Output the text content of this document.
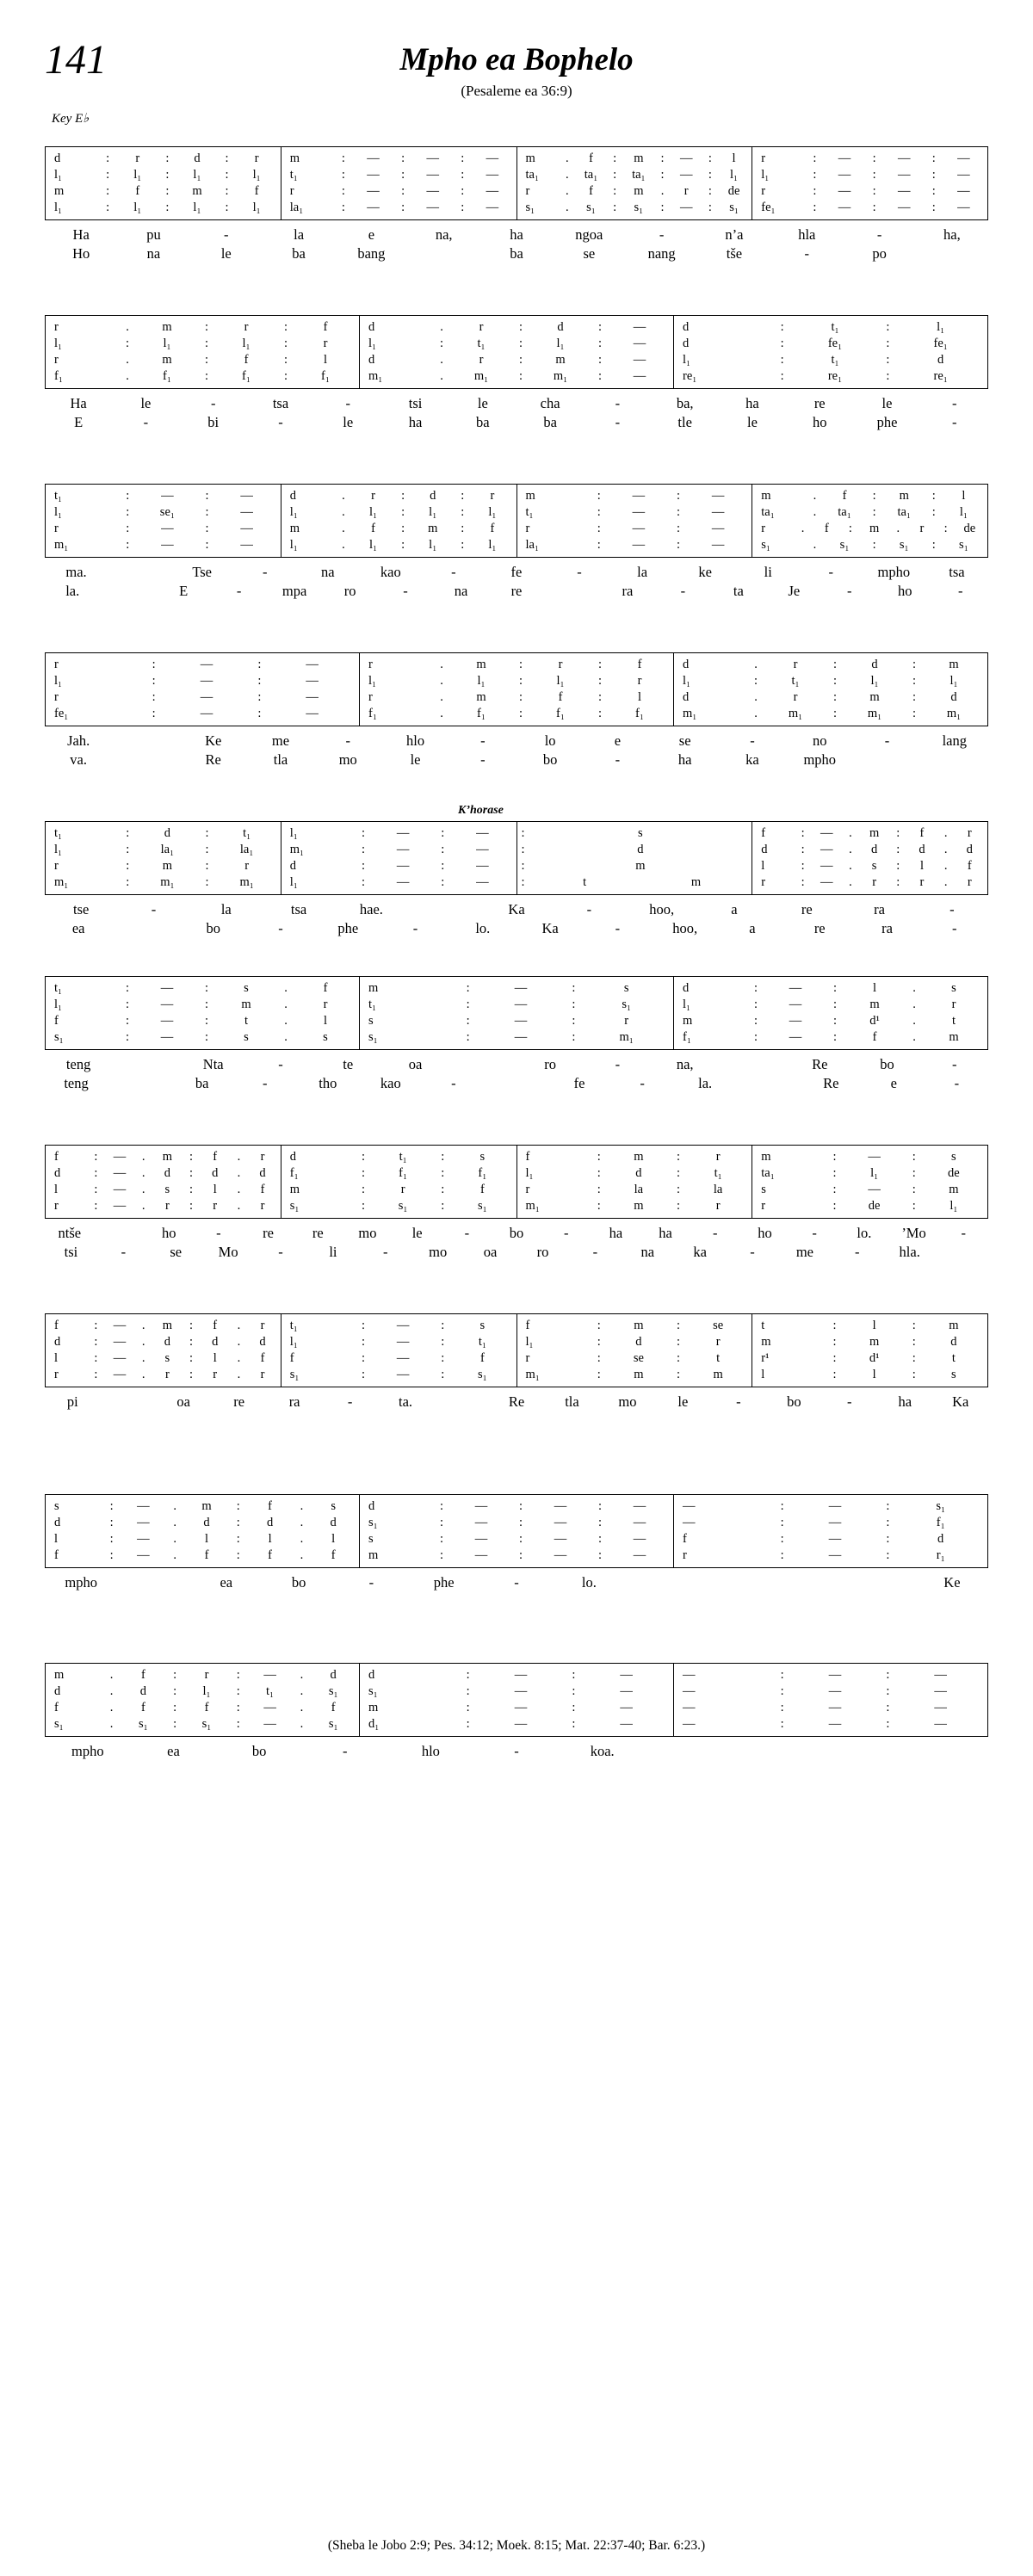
141	Mpho ea Bophelo
(Pesaleme ea 36:9)
Key E♭
d	:	r	:	d	:	r
l₁	:	l₁	:	l₁	:	l₁
m	:	f	:	m	:	f
l₁	:	l₁	:	l₁	:	l₁
m	:	—	:	—	:	—
t₁	:	—	:	—	:	—
r	:	—	:	—	:	—
la₁	:	—	:	—	:	—
m	.	f	:	m	:	—	:	l
ta₁	.	ta₁	:	ta₁	:	—	:	l₁
r	.	f	:	m	.	r	:	de
s₁	.	s₁	:	s₁	:	—	:	s₁
r	:	—	:	—	:	—
l₁	:	—	:	—	:	—
r	:	—	:	—	:	—
fe₁	:	—	:	—	:	—
Ha	pu	-	la	e	na,	ha	ngoa	-	n’a	hla	-	ha,
Ho	na	le	ba	bang	ba	se	nang	tše	-	po
r	.	m	:	r	:	f
l₁	:	l₁	:	l₁	:	r
r	.	m	:	f	:	l
f₁	.	f₁	:	f₁	:	f₁
d	.	r	:	d	:	—
l₁	:	t₁	:	l₁	:	—
d	.	r	:	m	:	—
m₁	.	m₁	:	m₁	:	—
d	:	t₁	:	l₁
d	:	fe₁	:	fe₁
l₁	:	t₁	:	d
re₁	:	re₁	:	re₁
Ha	le	-	tsa	-	tsi	le	cha	-	ba,	ha	re	le	-
E	-	bi	-	le	ha	ba	ba	-	tle	le	ho	phe	-
t₁	:	—	:	—
l₁	:	se₁	:	—
r	:	—	:	—
m₁	:	—	:	—
d	.	r	:	d	:	r
l₁	.	l₁	:	l₁	:	l₁
m	.	f	:	m	:	f
l₁	.	l₁	:	l₁	:	l₁
m	:	—	:	—
t₁	:	—	:	—
r	:	—	:	—
la₁	:	—	:	—
m	.	f	:	m	:	l
ta₁	.	ta₁	:	ta₁	:	l₁
r	.	f	:	m	.	r	:	de
s₁	.	s₁	:	s₁	:	s₁
ma.	Tse	-	na	kao	-	fe	-	la	ke	li	-	mpho	tsa
la.	E	-	mpa	ro	-	na	re	ra	-	ta	Je	-	ho	-
r	:	—	:	—
l₁	:	—	:	—
r	:	—	:	—
fe₁	:	—	:	—
r	.	m	:	r	:	f
l₁	.	l₁	:	l₁	:	r
r	.	m	:	f	:	l
f₁	.	f₁	:	f₁	:	f₁
d	.	r	:	d	:	m
l₁	:	t₁	:	l₁	:	l₁
d	.	r	:	m	:	d
m₁	.	m₁	:	m₁	:	m₁
Jah.	Ke	me	-	hlo	-	lo	e	se	-	no	-	lang
va.	Re	tla	mo	le	-	bo	-	ha	ka	mpho
K’horase
t₁	:	d	:	t₁
l₁	:	la₁	:	la₁
r	:	m	:	r
m₁	:	m₁	:	m₁
l₁	:	—	:	—
m₁	:	—	:	—
d	:	—	:	—
l₁	:	—	:	—
:	s
:	d
:	m
:	t	m
f	:	—	.	m	:	f	.	r
d	:	—	.	d	:	d	.	d
l	:	—	.	s	:	l	.	f
r	:	—	.	r	:	r	.	r
tse	-	la	tsa	hae.	Ka	-	hoo,	a	re	ra	-
ea	bo	-	phe	-	lo.	Ka	-	hoo,	a	re	ra	-
t₁	:	—	:	s	.	f
l₁	:	—	:	m	.	r
f	:	—	:	t	.	l
s₁	:	—	:	s	.	s
m	:	—	:	s
t₁	:	—	:	s₁
s	:	—	:	r
s₁	:	—	:	m₁
d	:	—	:	l	.	s
l₁	:	—	:	m	.	r
m	:	—	:	d¹	.	t
f₁	:	—	:	f	.	m
teng	Nta	-	te	oa	ro	-	na,	Re	bo	-
teng	ba	-	tho	kao	-	fe	-	la.	Re	e	-
f	:	—	.	m	:	f	.	r
d	:	—	.	d	:	d	.	d
l	:	—	.	s	:	l	.	f
r	:	—	.	r	:	r	.	r
d	:	t₁	:	s
f₁	:	f₁	:	f₁
m	:	r	:	f
s₁	:	s₁	:	s₁
f	:	m	:	r
l₁	:	d	:	t₁
r	:	la	:	la
m₁	:	m	:	r
m	:	—	:	s
ta₁	:	l₁	:	de
s	:	—	:	m
r	:	de	:	l₁
ntše	ho	-	re	re	mo	le	-	bo	-	ha	ha	-	ho	-	lo.	’Mo	-
tsi	-	se	Mo	-	li	-	mo	oa	ro	-	na	ka	-	me	-	hla.
f	:	—	.	m	:	f	.	r
d	:	—	.	d	:	d	.	d
l	:	—	.	s	:	l	.	f
r	:	—	.	r	:	r	.	r
t₁	:	—	:	s
l₁	:	—	:	t₁
f	:	—	:	f
s₁	:	—	:	s₁
f	:	m	:	se
l₁	:	d	:	r
r	:	se	:	t
m₁	:	m	:	m
t	:	l	:	m
m	:	m	:	d
r¹	:	d¹	:	t
l	:	l	:	s
pi	oa	re	ra	-	ta.	Re	tla	mo	le	-	bo	-	ha	Ka
s	:	—	.	m	:	f	.	s
d	:	—	.	d	:	d	.	d
l	:	—	.	l	:	l	.	l
f	:	—	.	f	:	f	.	f
d	:	—	:	—	:	—
s₁	:	—	:	—	:	—
s	:	—	:	—	:	—
m	:	—	:	—	:	—
—	:	—	:	s₁
—	:	—	:	f₁
f	:	—	:	d
r	:	—	:	r₁
mpho	ea	bo	-	phe	-	lo.	Ke
m	.	f	:	r	:	—	.	d
d	.	d	:	l₁	:	t₁	.	s₁
f	.	f	:	f	:	—	.	f
s₁	.	s₁	:	s₁	:	—	.	s₁
d	:	—	:	—
s₁	:	—	:	—
m	:	—	:	—
d₁	:	—	:	—
—	:	—	:	—
—	:	—	:	—
—	:	—	:	—
—	:	—	:	—
mpho	ea	bo	-	hlo	-	koa.
(Sheba le Jobo 2:9; Pes. 34:12; Moek. 8:15; Mat. 22:37-40; Bar. 6:23.)
